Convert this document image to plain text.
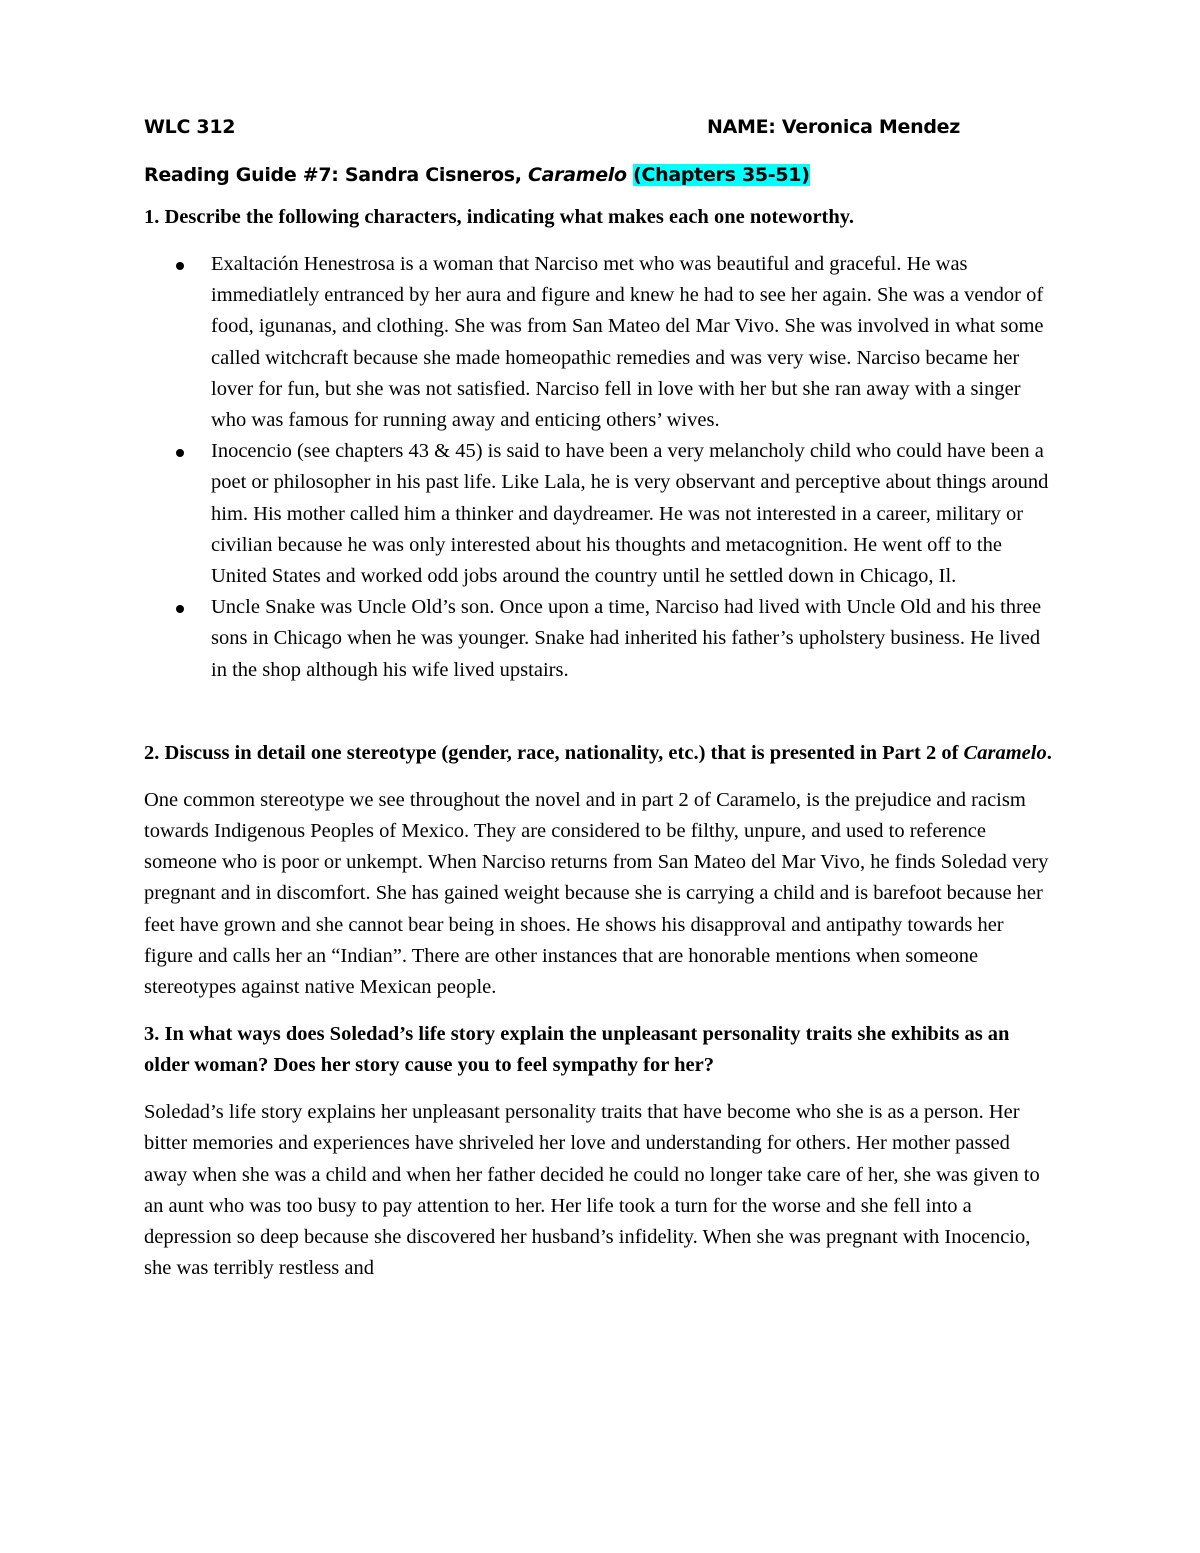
WLC 312	NAME: Veronica Mendez
Reading Guide #7: Sandra Cisneros, Caramelo (Chapters 35-51)
1. Describe the following characters, indicating what makes each one noteworthy.
Exaltación Henestrosa is a woman that Narciso met who was beautiful and graceful. He was immediatlely entranced by her aura and figure and knew he had to see her again. She was a vendor of food, igunanas, and clothing. She was from San Mateo del Mar Vivo. She was involved in what some called witchcraft because she made homeopathic remedies and was very wise. Narciso became her lover for fun, but she was not satisfied. Narciso fell in love with her but she ran away with a singer who was famous for running away and enticing others’ wives.
Inocencio (see chapters 43 & 45) is said to have been a very melancholy child who could have been a poet or philosopher in his past life. Like Lala, he is very observant and perceptive about things around him. His mother called him a thinker and daydreamer. He was not interested in a career, military or civilian because he was only interested about his thoughts and metacognition. He went off to the United States and worked odd jobs around the country until he settled down in Chicago, Il.
Uncle Snake was Uncle Old’s son. Once upon a time, Narciso had lived with Uncle Old and his three sons in Chicago when he was younger. Snake had inherited his father’s upholstery business. He lived in the shop although his wife lived upstairs.
2. Discuss in detail one stereotype (gender, race, nationality, etc.) that is presented in Part 2 of Caramelo.
One common stereotype we see throughout the novel and in part 2 of Caramelo, is the prejudice and racism towards Indigenous Peoples of Mexico. They are considered to be filthy, unpure, and used to reference someone who is poor or unkempt. When Narciso returns from San Mateo del Mar Vivo, he finds Soledad very pregnant and in discomfort. She has gained weight because she is carrying a child and is barefoot because her feet have grown and she cannot bear being in shoes. He shows his disapproval and antipathy towards her figure and calls her an “Indian”. There are other instances that are honorable mentions when someone stereotypes against native Mexican people.
3. In what ways does Soledad’s life story explain the unpleasant personality traits she exhibits as an older woman? Does her story cause you to feel sympathy for her?
Soledad’s life story explains her unpleasant personality traits that have become who she is as a person. Her bitter memories and experiences have shriveled her love and understanding for others. Her mother passed away when she was a child and when her father decided he could no longer take care of her, she was given to an aunt who was too busy to pay attention to her. Her life took a turn for the worse and she fell into a depression so deep because she discovered her husband’s infidelity. When she was pregnant with Inocencio, she was terribly restless and
